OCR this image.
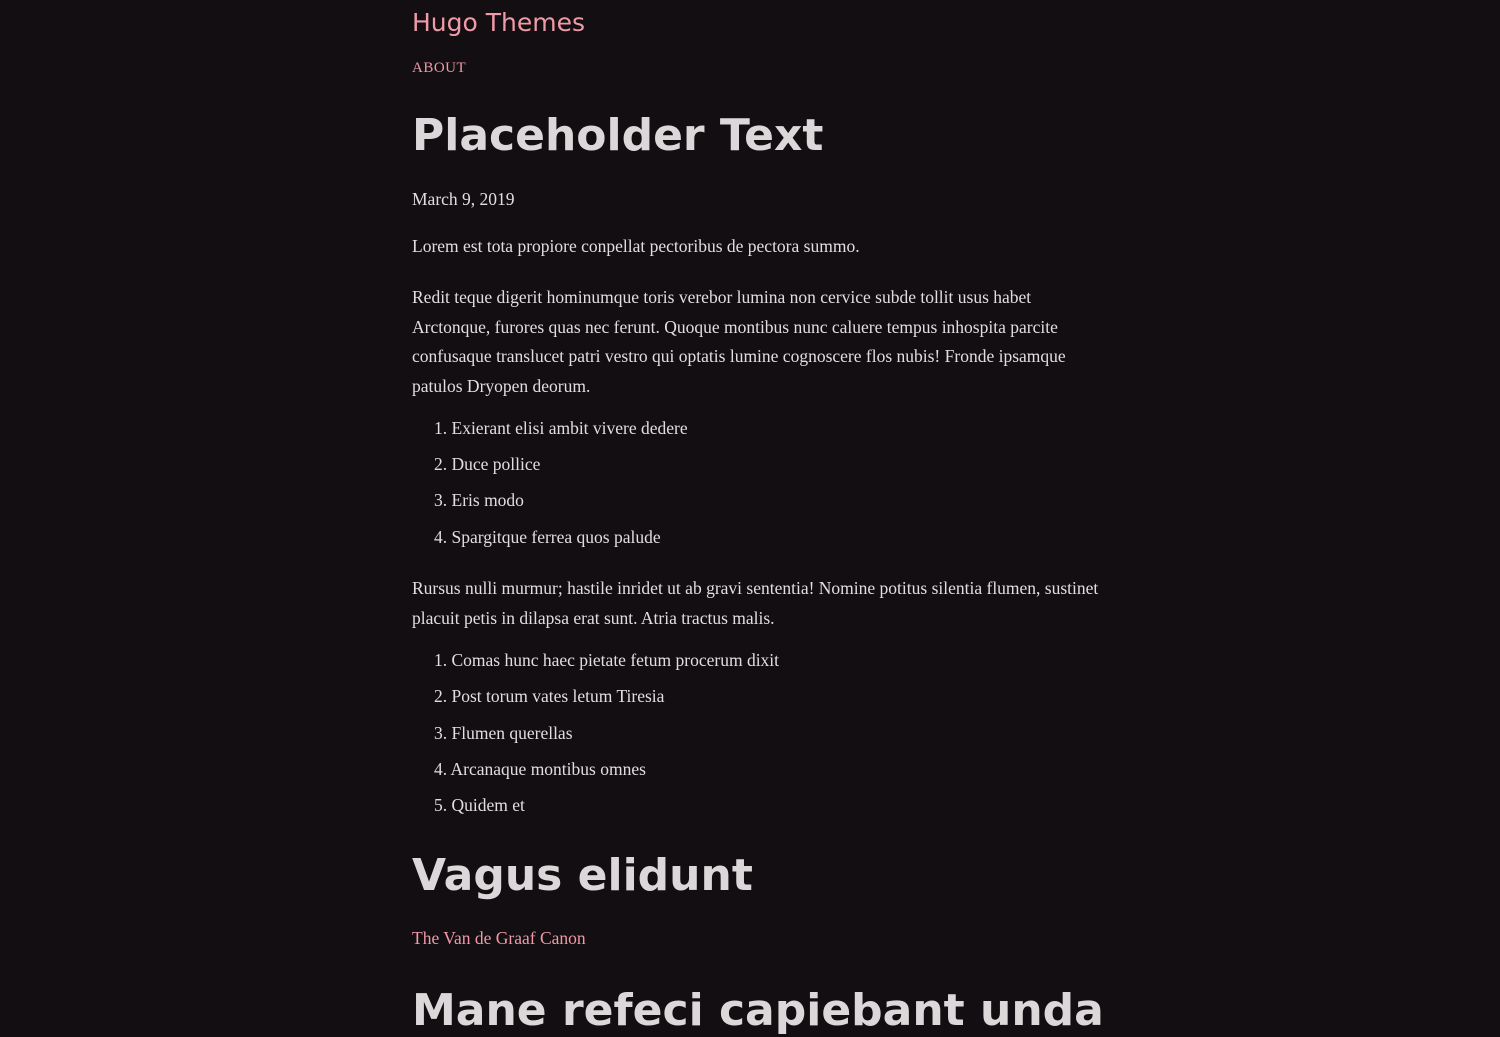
Hugo Themes
ABOUT
Placeholder Text
March 9, 2019

Lorem est tota propiore conpellat pectoribus de pectora summo.

Redit teque digerit hominumque toris verebor lumina non cervice subde tollit usus habet Arctonque, furores quas nec ferunt. Quoque montibus nunc caluere tempus inhospita parcite confusaque translucet patri vestro qui optatis lumine cognoscere flos nubis! Fronde ipsamque patulos Dryopen deorum.

1. Exierant elisi ambit vivere dedere
2. Duce pollice
3. Eris modo
4. Spargitque ferrea quos palude

Rursus nulli murmur; hastile inridet ut ab gravi sententia! Nomine potitus silentia flumen, sustinet placuit petis in dilapsa erat sunt. Atria tractus malis.

1. Comas hunc haec pietate fetum procerum dixit
2. Post torum vates letum Tiresia
3. Flumen querellas
4. Arcanaque montibus omnes
5. Quidem et
Vagus elidunt
The Van de Graaf Canon
Mane refeci capiebant unda
